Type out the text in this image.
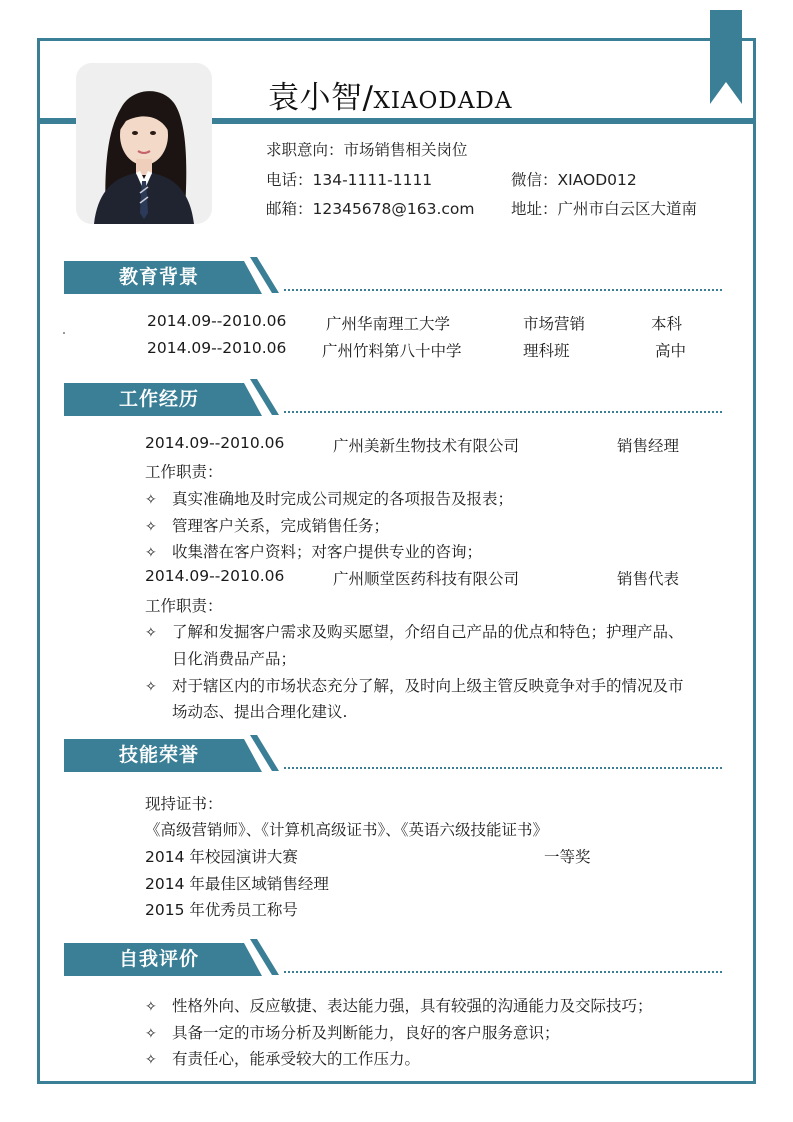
袁小智/XIAODADA
求职意向：市场销售相关岗位
电话：134-1111-1111	微信：XIAOD012
邮箱：12345678@163.com 地址：广州市白云区大道南
教育背景
2014.09--2010.06	广州华南理工大学	市场营销	本科
2014.09--2010.06 广州竹料第八十中学	理科班	高中
工作经历
2014.09--2010.06	广州美新生物技术有限公司	销售经理
工作职责：
✧ 真实准确地及时完成公司规定的各项报告及报表；
✧ 管理客户关系，完成销售任务；
✧ 收集潜在客户资料；对客户提供专业的咨询；
2014.09--2010.06	广州顺堂医药科技有限公司	销售代表
工作职责：
✧ 了解和发掘客户需求及购买愿望，介绍自己产品的优点和特色；护理产品、
日化消费品产品；
✧ 对于辖区内的市场状态充分了解，及时向上级主管反映竟争对手的情况及市
场动态、提出合理化建议.
技能荣誉
现持证书：
《高级营销师》、《计算机高级证书》、《英语六级技能证书》
2014 年校园演讲大赛	一等奖
2014 年最佳区域销售经理
2015 年优秀员工称号
自我评价
✧ 性格外向、反应敏捷、表达能力强，具有较强的沟通能力及交际技巧；
✧ 具备一定的市场分析及判断能力，良好的客户服务意识；
✧ 有责任心，能承受较大的工作压力。
